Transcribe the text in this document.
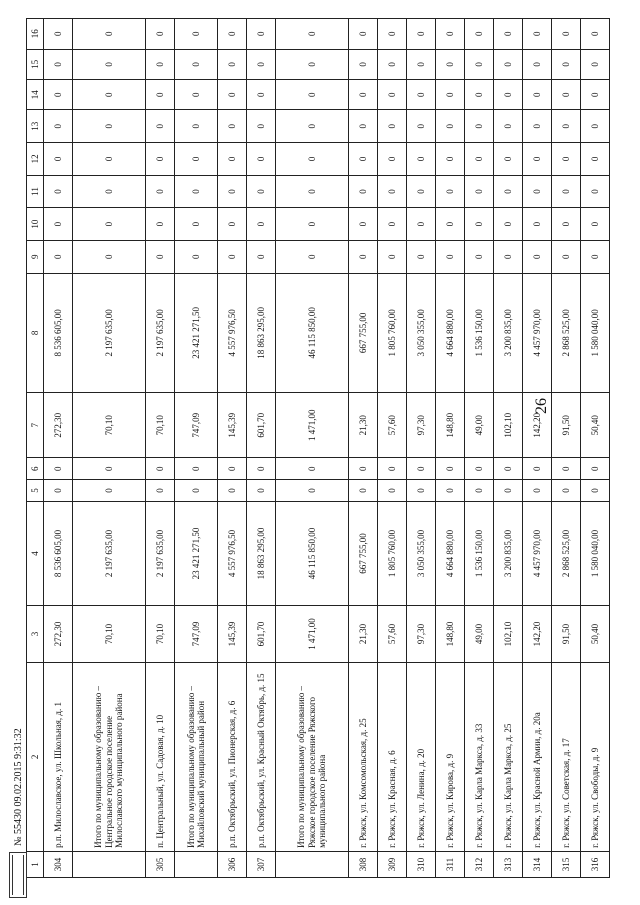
26
1	2	3	4	5	6	7	8	9	10	11	12	13	14	15	16
304	р.п. Милославское, ул. Школьная, д. 1	272,30	8 536 605,00	0	0	272,30	8 536 605,00	0	0	0	0	0	0	0	0
	Итого по муниципальному образованию – Центральное городское поселение Милославского муниципального района	70,10	2 197 635,00	0	0	70,10	2 197 635,00	0	0	0	0	0	0	0	0
305	п. Центральный, ул. Садовая, д. 10	70,10	2 197 635,00	0	0	70,10	2 197 635,00	0	0	0	0	0	0	0	0
	Итого по муниципальному образованию – Михайловский муниципальный район	747,09	23 421 271,50	0	0	747,09	23 421 271,50	0	0	0	0	0	0	0	0
306	р.п. Октябрьский, ул. Пионерская, д. 6	145,39	4 557 976,50	0	0	145,39	4 557 976,50	0	0	0	0	0	0	0	0
307	р.п. Октябрьский, ул. Красный Октябрь, д. 15	601,70	18 863 295,00	0	0	601,70	18 863 295,00	0	0	0	0	0	0	0	0
	Итого по муниципальному образованию – Ряжское городское поселение Ряжского муниципального района	1 471,00	46 115 850,00	0	0	1 471,00	46 115 850,00	0	0	0	0	0	0	0	0
308	г. Ряжск, ул. Комсомольская, д. 25	21,30	667 755,00	0	0	21,30	667 755,00	0	0	0	0	0	0	0	0
309	г. Ряжск, ул. Красная, д. 6	57,60	1 805 760,00	0	0	57,60	1 805 760,00	0	0	0	0	0	0	0	0
310	г. Ряжск, ул. Ленина, д. 20	97,30	3 050 355,00	0	0	97,30	3 050 355,00	0	0	0	0	0	0	0	0
311	г. Ряжск, ул. Кирова, д. 9	148,80	4 664 880,00	0	0	148,80	4 664 880,00	0	0	0	0	0	0	0	0
312	г. Ряжск, ул. Карла Маркса, д. 33	49,00	1 536 150,00	0	0	49,00	1 536 150,00	0	0	0	0	0	0	0	0
313	г. Ряжск, ул. Карла Маркса, д. 25	102,10	3 200 835,00	0	0	102,10	3 200 835,00	0	0	0	0	0	0	0	0
314	г. Ряжск, ул. Красной Армии, д. 20а	142,20	4 457 970,00	0	0	142,20	4 457 970,00	0	0	0	0	0	0	0	0
315	г. Ряжск, ул. Советская, д. 17	91,50	2 868 525,00	0	0	91,50	2 868 525,00	0	0	0	0	0	0	0	0
316	г. Ряжск, ул. Свободы, д. 9	50,40	1 580 040,00	0	0	50,40	1 580 040,00	0	0	0	0	0	0	0	0
№ 55430 09.02.2015 9:31:32
